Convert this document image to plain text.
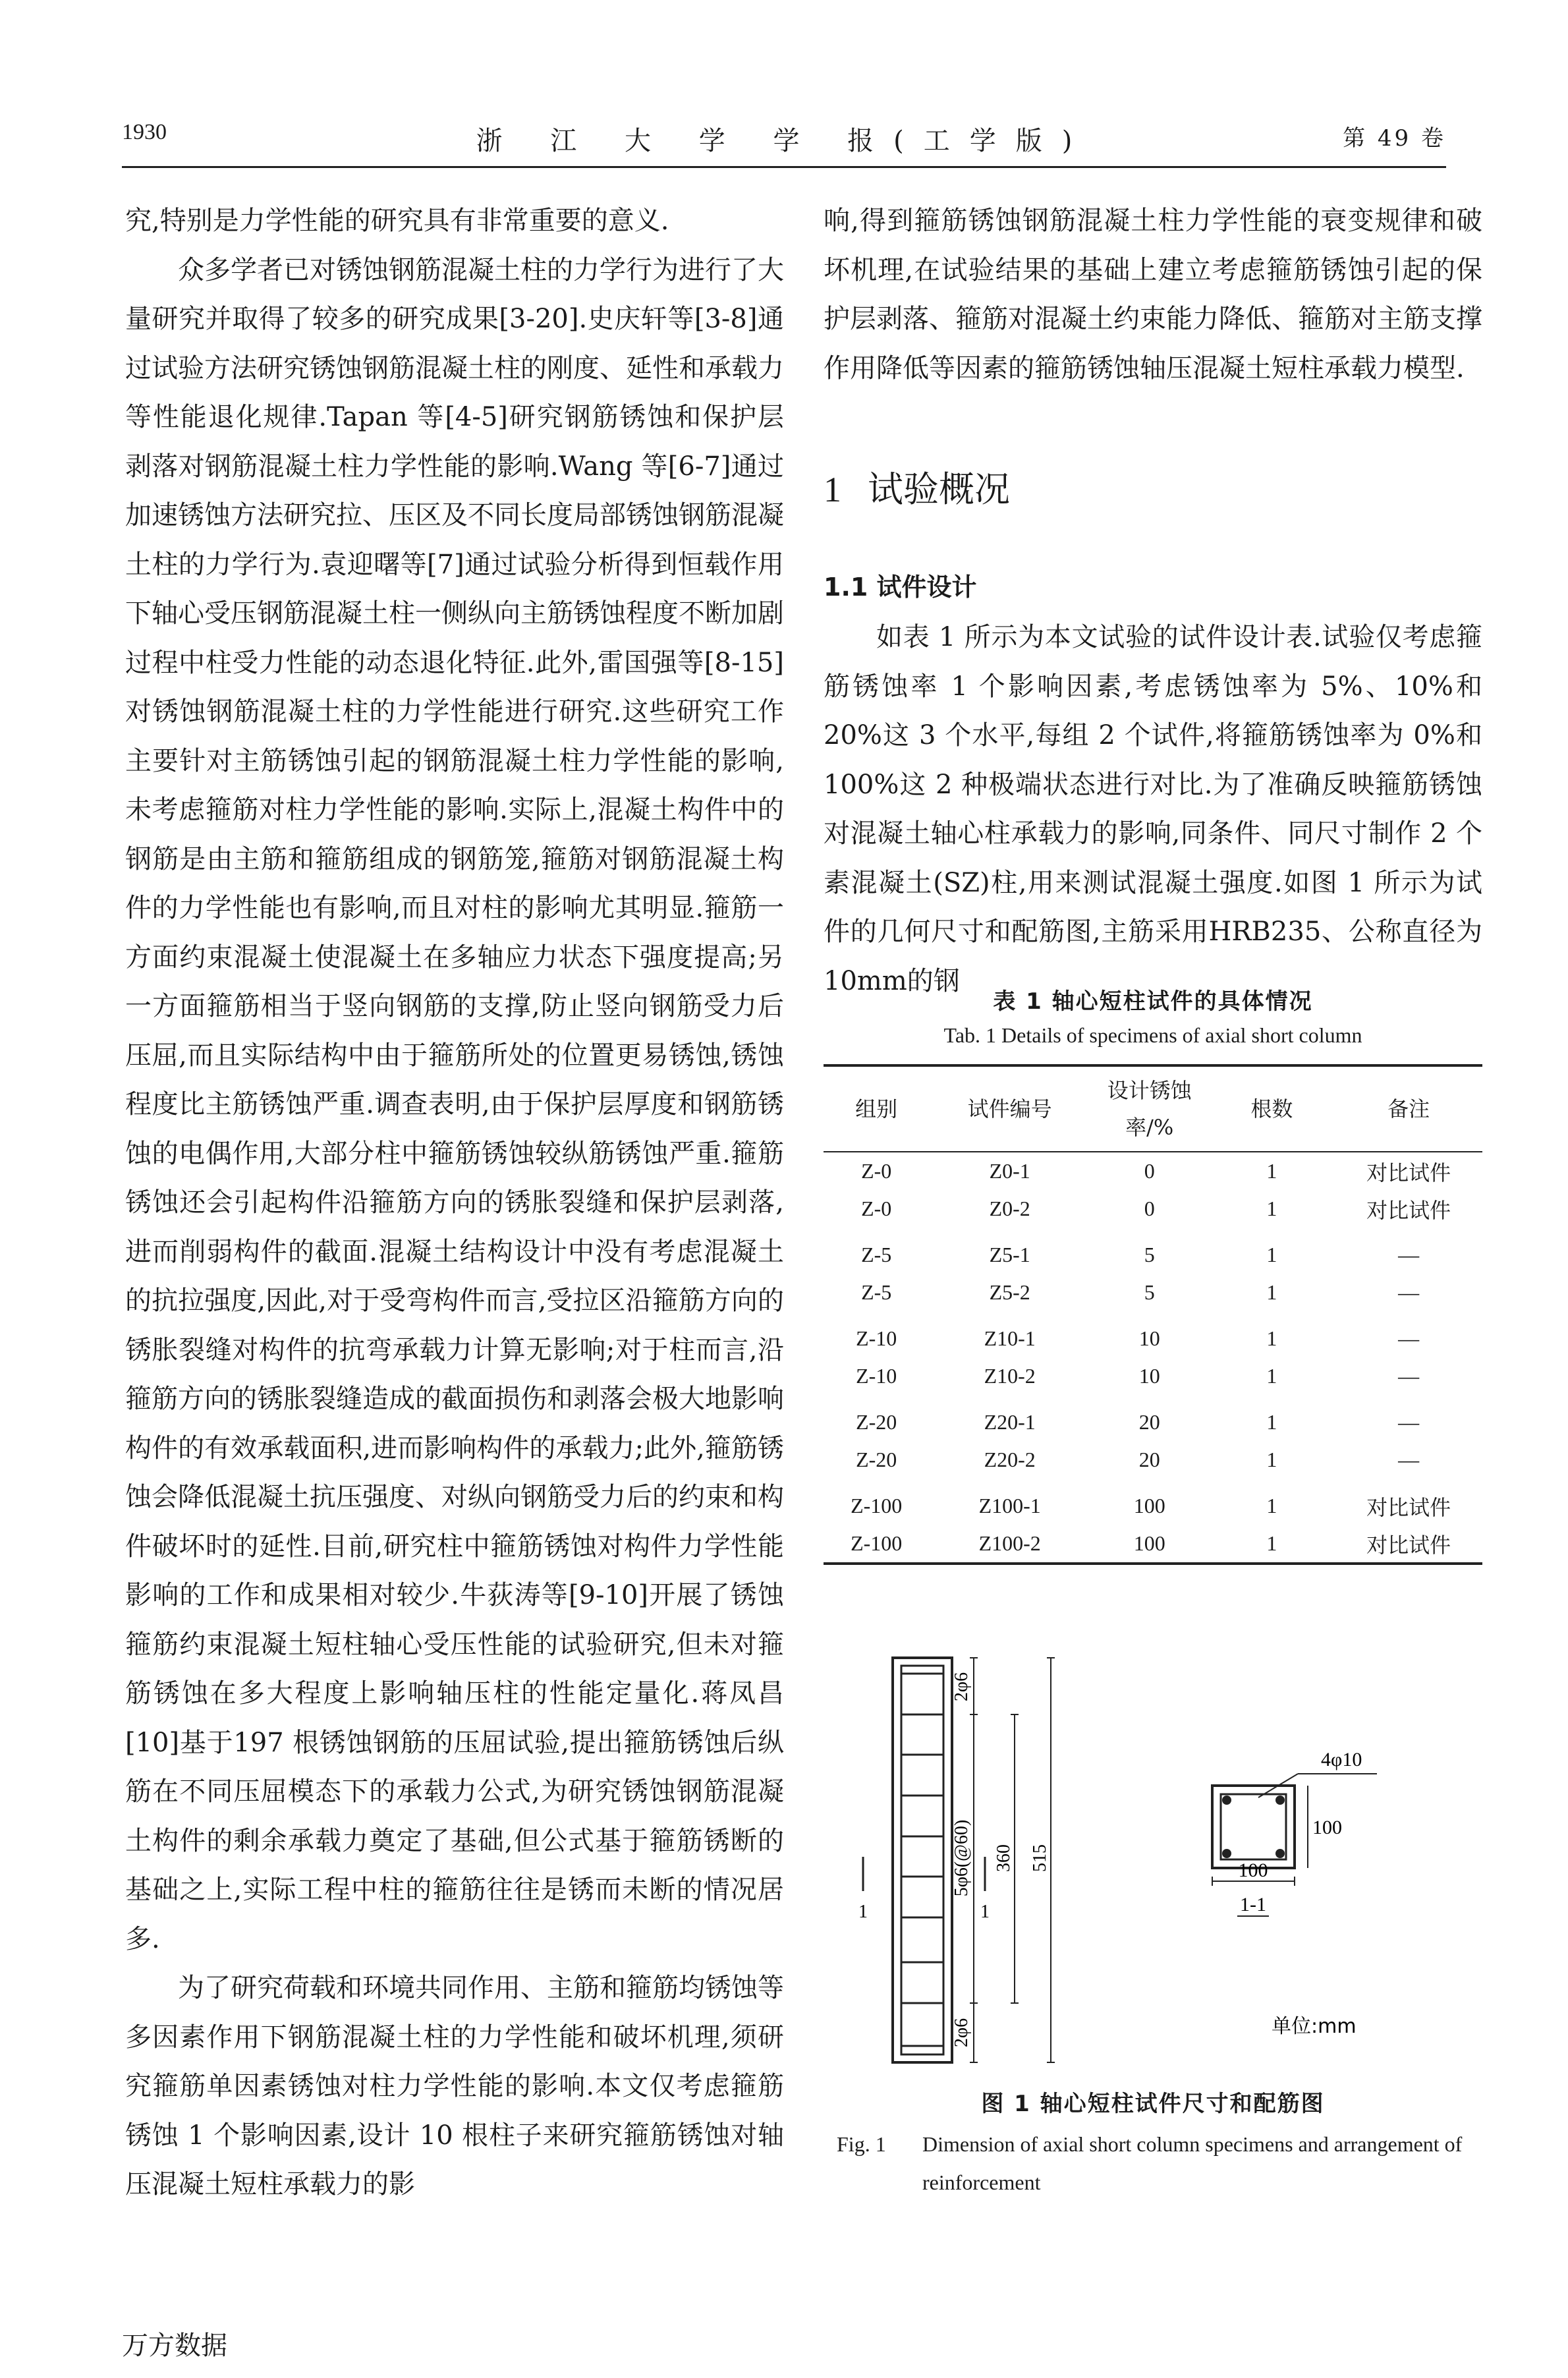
1930	浙 江 大 学 学 报(工学版)	第 49 卷

究,特别是力学性能的研究具有非常重要的意义.

众多学者已对锈蚀钢筋混凝土柱的力学行为进行了大量研究并取得了较多的研究成果[3-20].史庆轩等[3-8]通过试验方法研究锈蚀钢筋混凝土柱的刚度、延性和承载力等性能退化规律.Tapan 等[4-5]研究钢筋锈蚀和保护层剥落对钢筋混凝土柱力学性能的影响.Wang 等[6-7]通过加速锈蚀方法研究拉、压区及不同长度局部锈蚀钢筋混凝土柱的力学行为.袁迎曙等[7]通过试验分析得到恒载作用下轴心受压钢筋混凝土柱一侧纵向主筋锈蚀程度不断加剧过程中柱受力性能的动态退化特征.此外,雷国强等[8-15]对锈蚀钢筋混凝土柱的力学性能进行研究.这些研究工作主要针对主筋锈蚀引起的钢筋混凝土柱力学性能的影响,未考虑箍筋对柱力学性能的影响.实际上,混凝土构件中的钢筋是由主筋和箍筋组成的钢筋笼,箍筋对钢筋混凝土构件的力学性能也有影响,而且对柱的影响尤其明显.箍筋一方面约束混凝土使混凝土在多轴应力状态下强度提高;另一方面箍筋相当于竖向钢筋的支撑,防止竖向钢筋受力后压屈,而且实际结构中由于箍筋所处的位置更易锈蚀,锈蚀程度比主筋锈蚀严重.调查表明,由于保护层厚度和钢筋锈蚀的电偶作用,大部分柱中箍筋锈蚀较纵筋锈蚀严重.箍筋锈蚀还会引起构件沿箍筋方向的锈胀裂缝和保护层剥落,进而削弱构件的截面.混凝土结构设计中没有考虑混凝土的抗拉强度,因此,对于受弯构件而言,受拉区沿箍筋方向的锈胀裂缝对构件的抗弯承载力计算无影响;对于柱而言,沿箍筋方向的锈胀裂缝造成的截面损伤和剥落会极大地影响构件的有效承载面积,进而影响构件的承载力;此外,箍筋锈蚀会降低混凝土抗压强度、对纵向钢筋受力后的约束和构件破坏时的延性.目前,研究柱中箍筋锈蚀对构件力学性能影响的工作和成果相对较少.牛荻涛等[9-10]开展了锈蚀箍筋约束混凝土短柱轴心受压性能的试验研究,但未对箍筋锈蚀在多大程度上影响轴压柱的性能定量化.蒋凤昌[10]基于197 根锈蚀钢筋的压屈试验,提出箍筋锈蚀后纵筋在不同压屈模态下的承载力公式,为研究锈蚀钢筋混凝土构件的剩余承载力奠定了基础,但公式基于箍筋锈断的基础之上,实际工程中柱的箍筋往往是锈而未断的情况居多.

为了研究荷载和环境共同作用、主筋和箍筋均锈蚀等多因素作用下钢筋混凝土柱的力学性能和破坏机理,须研究箍筋单因素锈蚀对柱力学性能的影响.本文仅考虑箍筋锈蚀 1 个影响因素,设计 10 根柱子来研究箍筋锈蚀对轴压混凝土短柱承载力的影

响,得到箍筋锈蚀钢筋混凝土柱力学性能的衰变规律和破坏机理,在试验结果的基础上建立考虑箍筋锈蚀引起的保护层剥落、箍筋对混凝土约束能力降低、箍筋对主筋支撑作用降低等因素的箍筋锈蚀轴压混凝土短柱承载力模型.

1 试验概况
1.1 试件设计

如表 1 所示为本文试验的试件设计表.试验仅考虑箍筋锈蚀率 1 个影响因素,考虑锈蚀率为 5%、10%和 20%这 3 个水平,每组 2 个试件,将箍筋锈蚀率为 0%和 100%这 2 种极端状态进行对比.为了准确反映箍筋锈蚀对混凝土轴心柱承载力的影响,同条件、同尺寸制作 2 个素混凝土(SZ)柱,用来测试混凝土强度.如图 1 所示为试件的几何尺寸和配筋图,主筋采用HRB235、公称直径为10mm的钢

表 1 轴心短柱试件的具体情况
Tab. 1 Details of specimens of axial short column
组别	试件编号	设计锈蚀率/%	根数	备注
Z-0	Z0-1	0	1	对比试件
Z-0	Z0-2	0	1	对比试件
Z-5	Z5-1	5	1	—
Z-5	Z5-2	5	1	—
Z-10	Z10-1	10	1	—
Z-10	Z10-2	10	1	—
Z-20	Z20-1	20	1	—
Z-20	Z20-2	20	1	—
Z-100	Z100-1	100	1	对比试件
Z-100	Z100-2	100	1	对比试件
1	1
2φ6
5φ6(@60)
2φ6
360 515
4φ10
100
100
1-1
单位:mm
图 1 轴心短柱试件尺寸和配筋图
Fig. 1 Dimension of axial short column specimens and arrangement of reinforcement
万方数据
